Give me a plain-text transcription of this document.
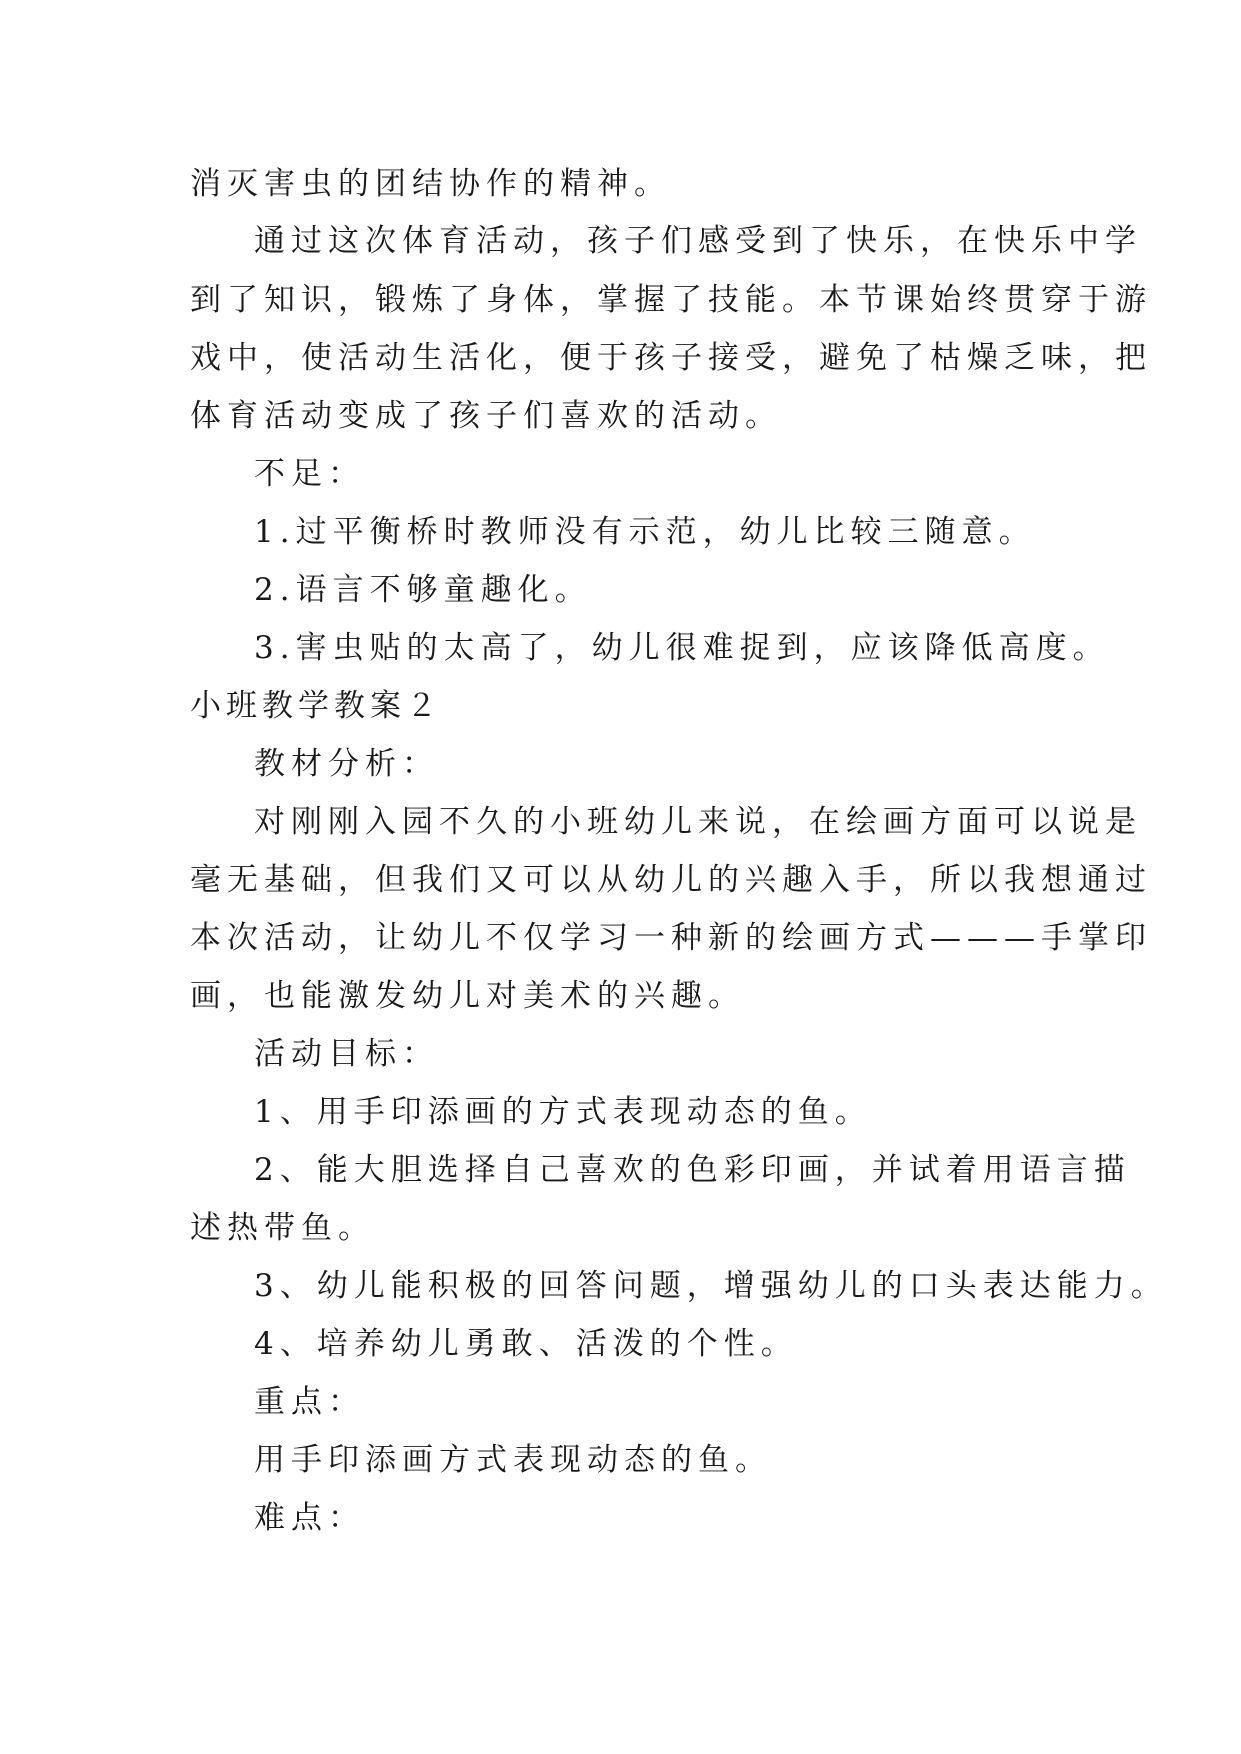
消灭害虫的团结协作的精神。

通过这次体育活动，孩子们感受到了快乐，在快乐中学

到了知识，锻炼了身体，掌握了技能。本节课始终贯穿于游

戏中，使活动生活化，便于孩子接受，避免了枯燥乏味，把

体育活动变成了孩子们喜欢的活动。

不足：

1.过平衡桥时教师没有示范，幼儿比较三随意。

2.语言不够童趣化。

3.害虫贴的太高了，幼儿很难捉到，应该降低高度。

小班教学教案２

教材分析：

对刚刚入园不久的小班幼儿来说，在绘画方面可以说是

毫无基础，但我们又可以从幼儿的兴趣入手，所以我想通过

本次活动，让幼儿不仅学习一种新的绘画方式———手掌印

画，也能激发幼儿对美术的兴趣。

活动目标：

1、用手印添画的方式表现动态的鱼。

2、能大胆选择自己喜欢的色彩印画，并试着用语言描

述热带鱼。

3、幼儿能积极的回答问题，增强幼儿的口头表达能力。

4、培养幼儿勇敢、活泼的个性。

重点：

用手印添画方式表现动态的鱼。

难点：
